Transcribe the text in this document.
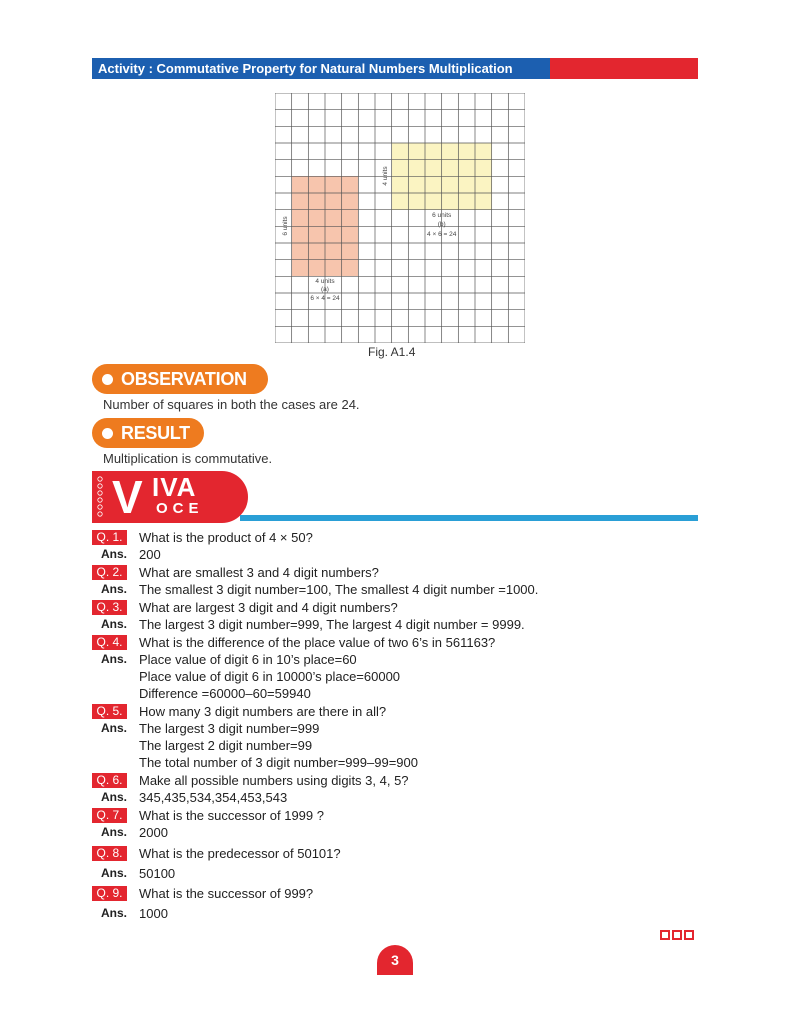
Activity : Commutative Property for Natural Numbers Multiplication
6 units
4 units
(a)
6 × 4 = 24
4 units
6 units
(b)
4 × 6 = 24
Fig. A1.4
OBSERVATION
Number of squares in both the cases are 24.
RESULT
Multiplication is commutative.
V IVA
OCE
Q. 1.	What is the product of 4 × 50?
Ans. 200
Q. 2.	What are smallest 3 and 4 digit numbers?
Ans. The smallest 3 digit number=100, The smallest 4 digit number =1000.
Q. 3.	What are largest 3 digit and 4 digit numbers?
Ans. The largest 3 digit number=999, The largest 4 digit number = 9999.
Q. 4.	What is the difference of the place value of two 6’s in 561163?
Ans. Place value of digit 6 in 10’s place=60
Place value of digit 6 in 10000’s place=60000
Difference =60000–60=59940
Q. 5.	How many 3 digit numbers are there in all?
Ans. The largest 3 digit number=999
The largest 2 digit number=99
The total number of 3 digit number=999–99=900
Q. 6.	Make all possible numbers using digits 3, 4, 5?
Ans. 345,435,534,354,453,543
Q. 7.	What is the successor of 1999 ?
Ans. 2000
Q. 8.	What is the predecessor of 50101?
Ans. 50100
Q. 9.	What is the successor of 999?
Ans. 1000
3
